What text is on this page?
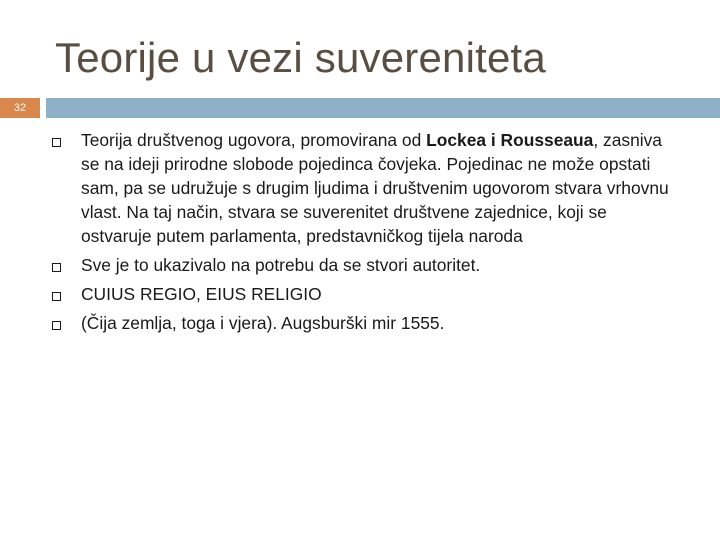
Teorije u vezi suvereniteta
32
Teorija društvenog ugovora, promovirana od Lockea i Rousseaua, zasniva se na ideji prirodne slobode pojedinca čovjeka. Pojedinac ne može opstati sam, pa se udružuje s drugim ljudima i društvenim ugovorom stvara vrhovnu vlast. Na taj način, stvara se suverenitet društvene zajednice, koji se ostvaruje putem parlamenta, predstavničkog tijela naroda
Sve je to ukazivalo na potrebu da se stvori autoritet.
CUIUS REGIO, EIUS RELIGIO
(Čija zemlja, toga i vjera). Augsburški mir 1555.
